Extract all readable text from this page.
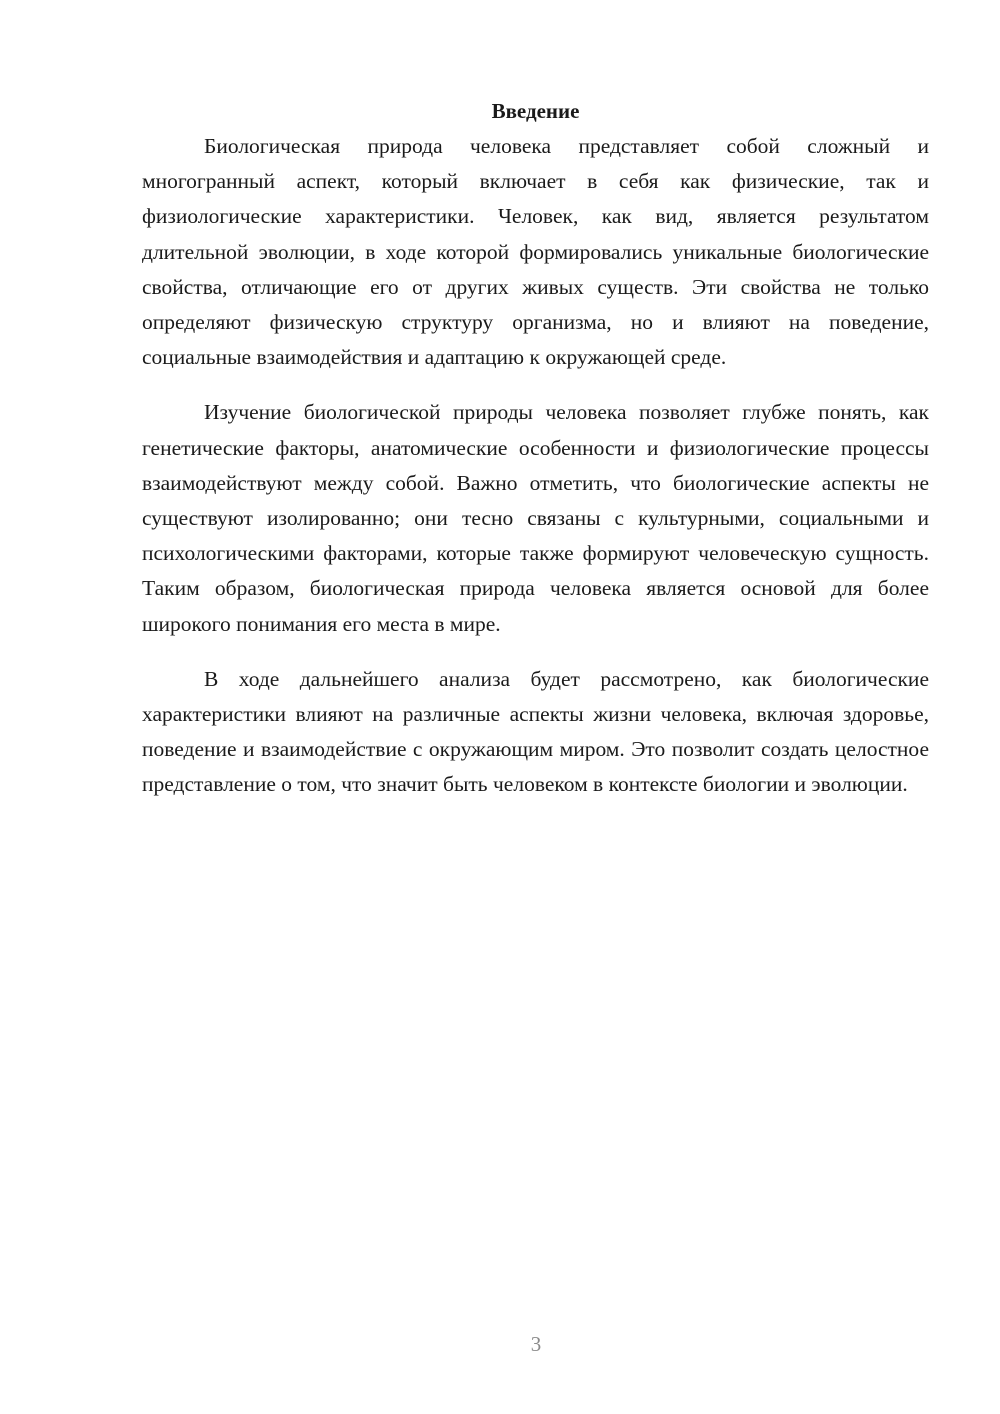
Введение

Биологическая природа человека представляет собой сложный и многогранный аспект, который включает в себя как физические, так и физиологические характеристики. Человек, как вид, является результатом длительной эволюции, в ходе которой формировались уникальные биологические свойства, отличающие его от других живых существ. Эти свойства не только определяют физическую структуру организма, но и влияют на поведение, социальные взаимодействия и адаптацию к окружающей среде.

Изучение биологической природы человека позволяет глубже понять, как генетические факторы, анатомические особенности и физиологические процессы взаимодействуют между собой. Важно отметить, что биологические аспекты не существуют изолированно; они тесно связаны с культурными, социальными и психологическими факторами, которые также формируют человеческую сущность. Таким образом, биологическая природа человека является основой для более широкого понимания его места в мире.

В ходе дальнейшего анализа будет рассмотрено, как биологические характеристики влияют на различные аспекты жизни человека, включая здоровье, поведение и взаимодействие с окружающим миром. Это позволит создать целостное представление о том, что значит быть человеком в контексте биологии и эволюции.

3
